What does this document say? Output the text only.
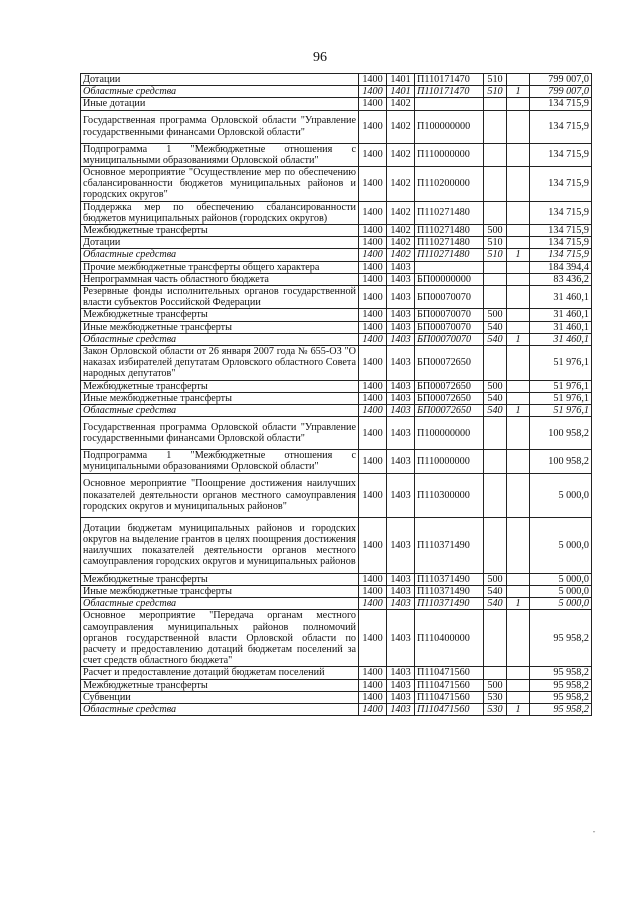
96
Дотации	1400	1401	П110171470	510		799 007,0
Областные средства	1400	1401	П110171470	510	1	799 007,0
Иные дотации	1400	1402				134 715,9
Государственная программа Орловской области "Управление государственными финансами Орловской области"	1400	1402	П100000000			134 715,9
Подпрограмма 1 "Межбюджетные отношения с муниципальными образованиями Орловской области"	1400	1402	П110000000			134 715,9
Основное мероприятие "Осуществление мер по обеспечению сбалансированности бюджетов муниципальных районов и городских округов"	1400	1402	П110200000			134 715,9
Поддержка мер по обеспечению сбалансированности бюджетов муниципальных районов (городских округов)	1400	1402	П110271480			134 715,9
Межбюджетные трансферты	1400	1402	П110271480	500		134 715,9
Дотации	1400	1402	П110271480	510		134 715,9
Областные средства	1400	1402	П110271480	510	1	134 715,9
Прочие межбюджетные трансферты общего характера	1400	1403				184 394,4
Непрограммная часть областного бюджета	1400	1403	БП00000000			83 436,2
Резервные фонды исполнительных органов государственной власти субъектов Российской Федерации	1400	1403	БП00070070			31 460,1
Межбюджетные трансферты	1400	1403	БП00070070	500		31 460,1
Иные межбюджетные трансферты	1400	1403	БП00070070	540		31 460,1
Областные средства	1400	1403	БП00070070	540	1	31 460,1
Закон Орловской области от 26 января 2007 года № 655-ОЗ "О наказах избирателей депутатам Орловского областного Совета народных депутатов"	1400	1403	БП00072650			51 976,1
Межбюджетные трансферты	1400	1403	БП00072650	500		51 976,1
Иные межбюджетные трансферты	1400	1403	БП00072650	540		51 976,1
Областные средства	1400	1403	БП00072650	540	1	51 976,1
Государственная программа Орловской области "Управление государственными финансами Орловской области"	1400	1403	П100000000			100 958,2
Подпрограмма 1 "Межбюджетные отношения с муниципальными образованиями Орловской области"	1400	1403	П110000000			100 958,2
Основное мероприятие "Поощрение достижения наилучших показателей деятельности органов местного самоуправления городских округов и муниципальных районов"	1400	1403	П110300000			5 000,0
Дотации бюджетам муниципальных районов и городских округов на выделение грантов в целях поощрения достижения наилучших показателей деятельности органов местного самоуправления городских округов и муниципальных районов	1400	1403	П110371490			5 000,0
Межбюджетные трансферты	1400	1403	П110371490	500		5 000,0
Иные межбюджетные трансферты	1400	1403	П110371490	540		5 000,0
Областные средства	1400	1403	П110371490	540	1	5 000,0
Основное мероприятие "Передача органам местного самоуправления муниципальных районов полномочий органов государственной власти Орловской области по расчету и предоставлению дотаций бюджетам поселений за счет средств областного бюджета"	1400	1403	П110400000			95 958,2
Расчет и предоставление дотаций бюджетам поселений	1400	1403	П110471560			95 958,2
Межбюджетные трансферты	1400	1403	П110471560	500		95 958,2
Субвенции	1400	1403	П110471560	530		95 958,2
Областные средства	1400	1403	П110471560	530	1	95 958,2
"
